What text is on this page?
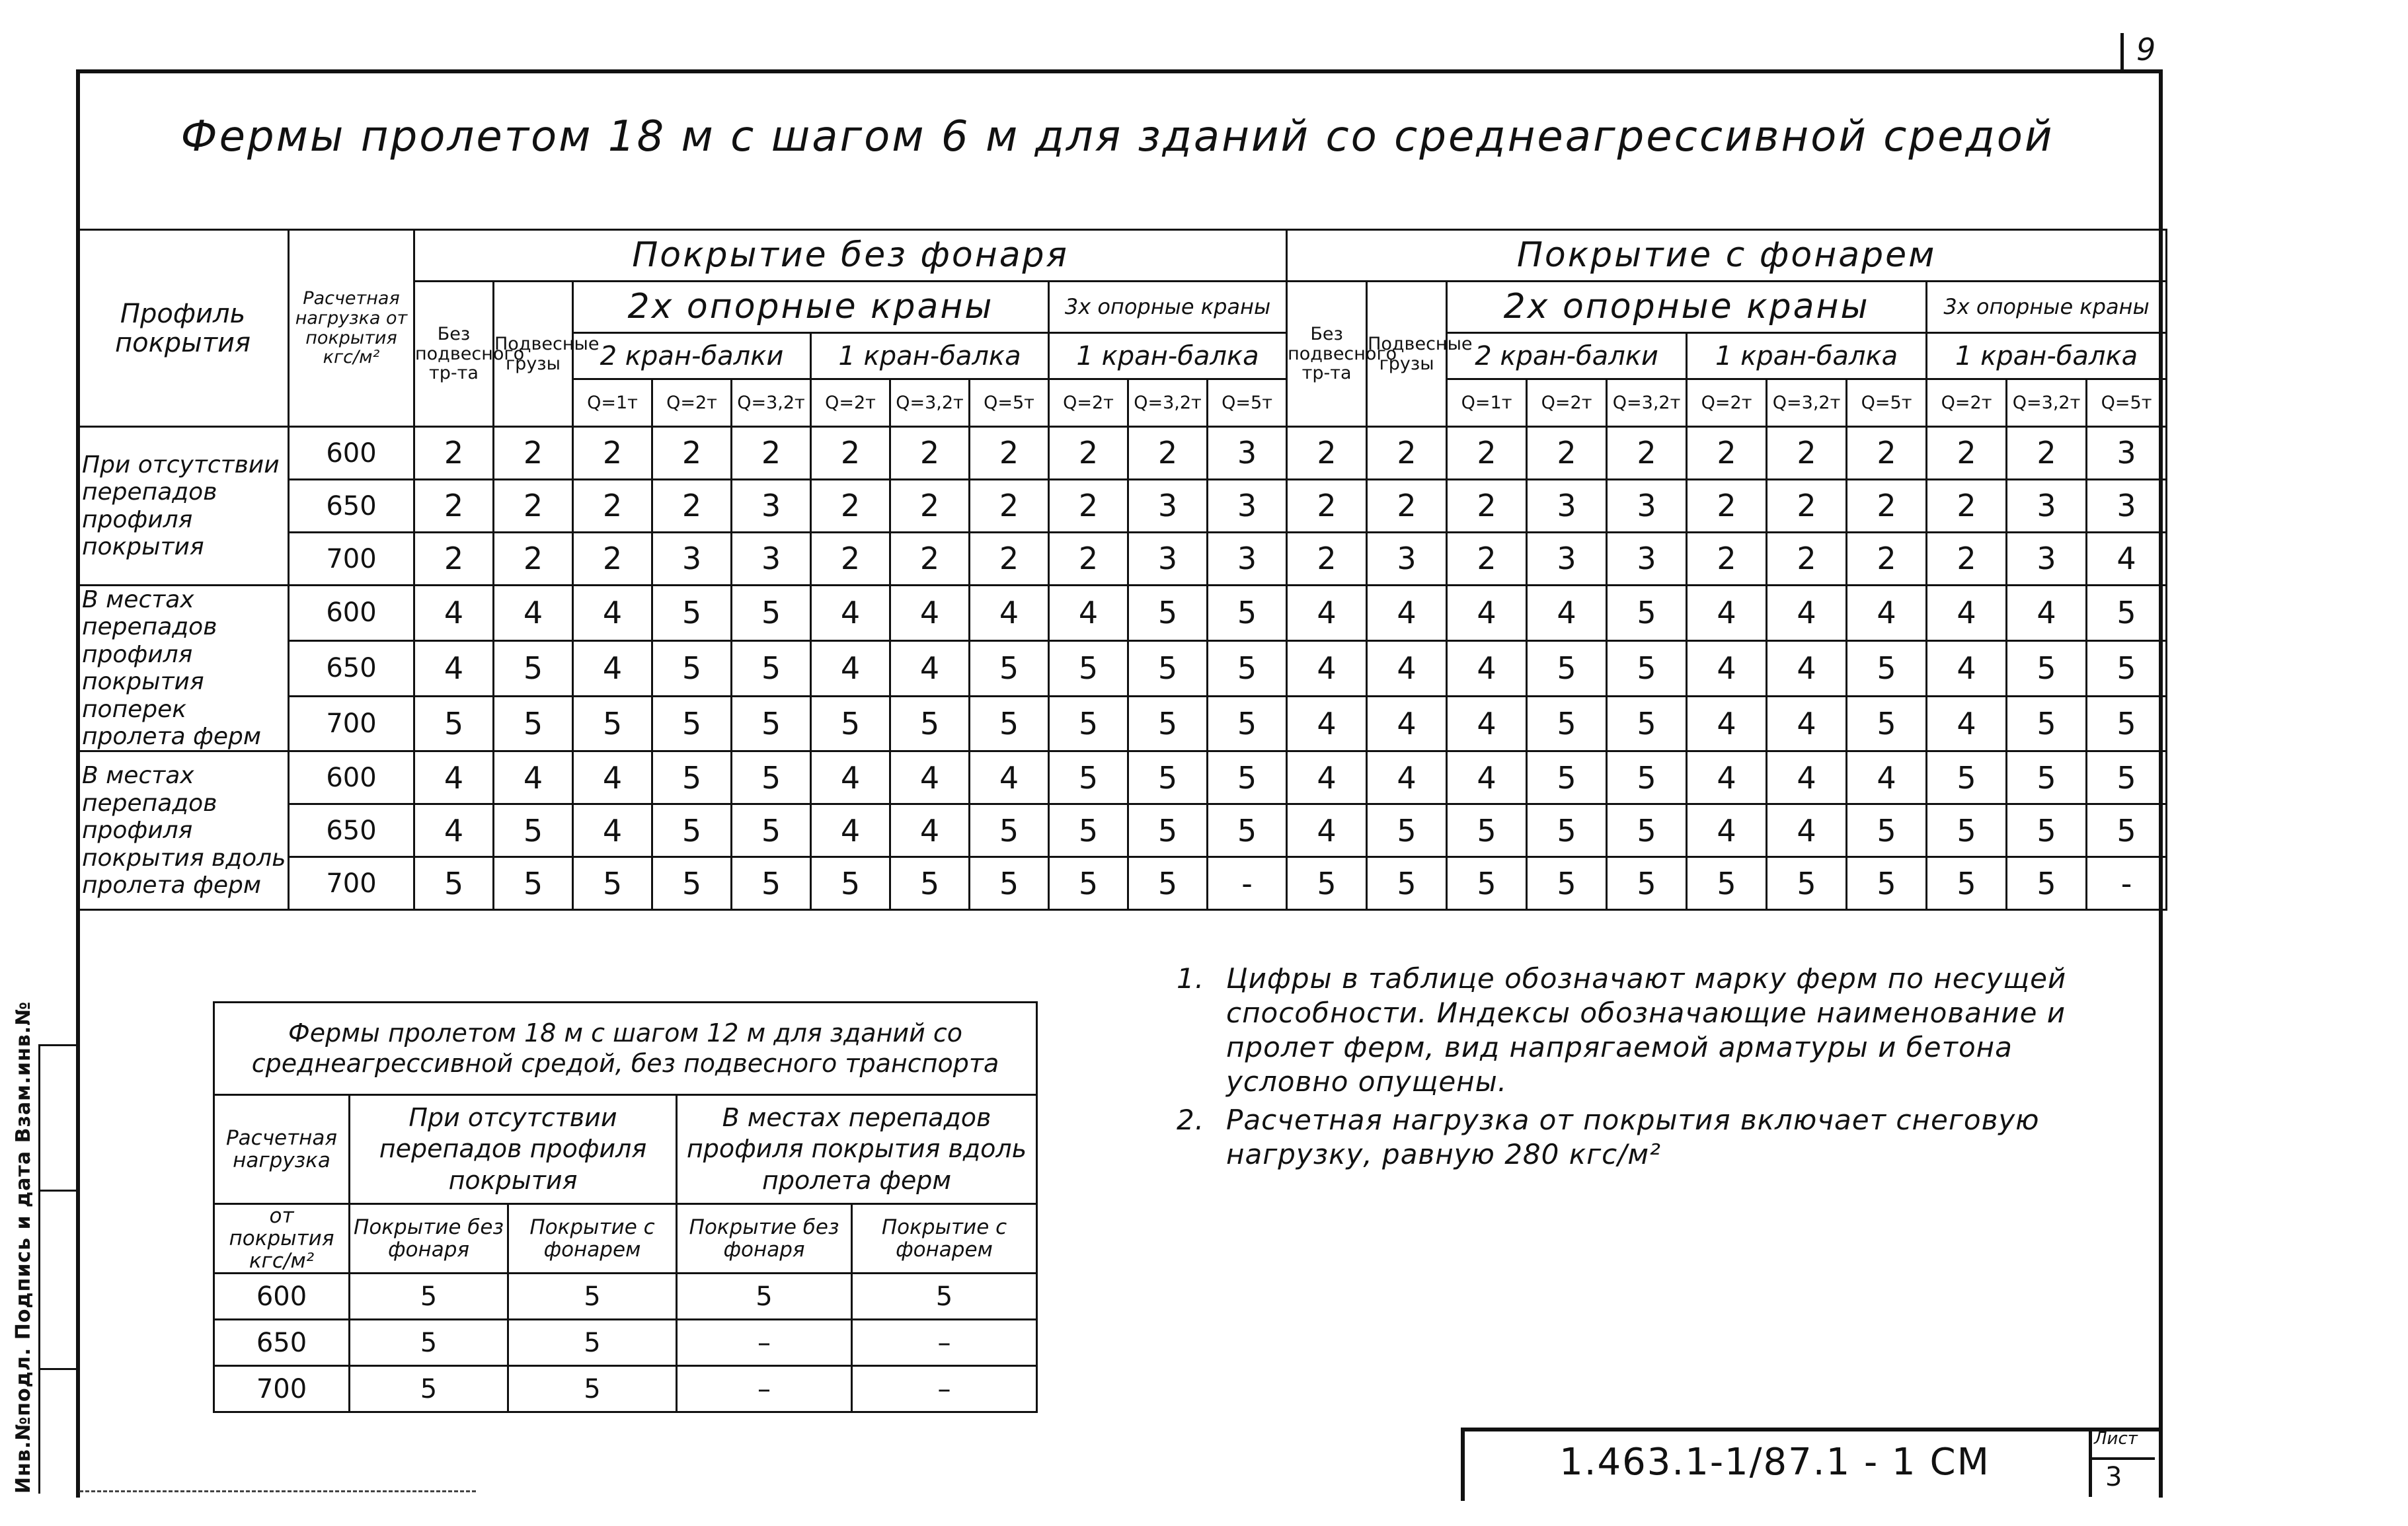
9
Фермы пролетом 18 м с шагом 6 м для зданий со среднеагрессивной средой
Профиль покрытия	Расчетная нагрузка от покрытия кгс/м²	Покрытие без фонаря											Покрытие с фонарем										
		Без подвесного тр-та	Подвесные грузы	2х опорные краны						3х опорные краны			Без подвесного тр-та	Подвесные грузы	2х опорные краны						3х опорные краны		
				2 кран-балки			1 кран-балка			1 кран-балка					2 кран-балки			1 кран-балка			1 кран-балка		
				Q=1т	Q=2т	Q=3,2т	Q=2т	Q=3,2т	Q=5т	Q=2т	Q=3,2т	Q=5т			Q=1т	Q=2т	Q=3,2т	Q=2т	Q=3,2т	Q=5т	Q=2т	Q=3,2т	Q=5т
При отсутствии перепадов профиля покрытия	600	2	2	2	2	2	2	2	2	2	2	3	2	2	2	2	2	2	2	2	2	2	3
	650	2	2	2	2	3	2	2	2	2	3	3	2	2	2	3	3	2	2	2	2	3	3
	700	2	2	2	3	3	2	2	2	2	3	3	2	3	2	3	3	2	2	2	2	3	4
В местах перепадов профиля покрытия поперек пролета ферм	600	4	4	4	5	5	4	4	4	4	5	5	4	4	4	4	5	4	4	4	4	4	5
	650	4	5	4	5	5	4	4	5	5	5	5	4	4	4	5	5	4	4	5	4	5	5
	700	5	5	5	5	5	5	5	5	5	5	5	4	4	4	5	5	4	4	5	4	5	5
В местах перепадов профиля покрытия вдоль пролета ферм	600	4	4	4	5	5	4	4	4	5	5	5	4	4	4	5	5	4	4	4	5	5	5
	650	4	5	4	5	5	4	4	5	5	5	5	4	5	5	5	5	4	4	5	5	5	5
	700	5	5	5	5	5	5	5	5	5	5	-	5	5	5	5	5	5	5	5	5	5	-
Фермы пролетом 18 м с шагом 12 м для зданий со среднеагрессивной средой, без подвесного транспорта				
Расчетная нагрузка	При отсутствии перепадов профиля покрытия		В местах перепадов профиля покрытия вдоль пролета ферм	
от покрытия кгс/м²	Покрытие без фонаря	Покрытие с фонарем	Покрытие без фонаря	Покрытие с фонарем
600	5	5	5	5
650	5	5	–	–
700	5	5	–	–
1. Цифры в таблице обозначают марку ферм по несущей способности. Индексы обозначающие наименование и пролет ферм, вид напрягаемой арматуры и бетона условно опущены.
2. Расчетная нагрузка от покрытия включает снеговую нагрузку, равную 280 кгс/м²
1.463.1-1/87.1 - 1 СМ
Лист
3
Инв.№подл. Подпись и дата Взам.инв.№
